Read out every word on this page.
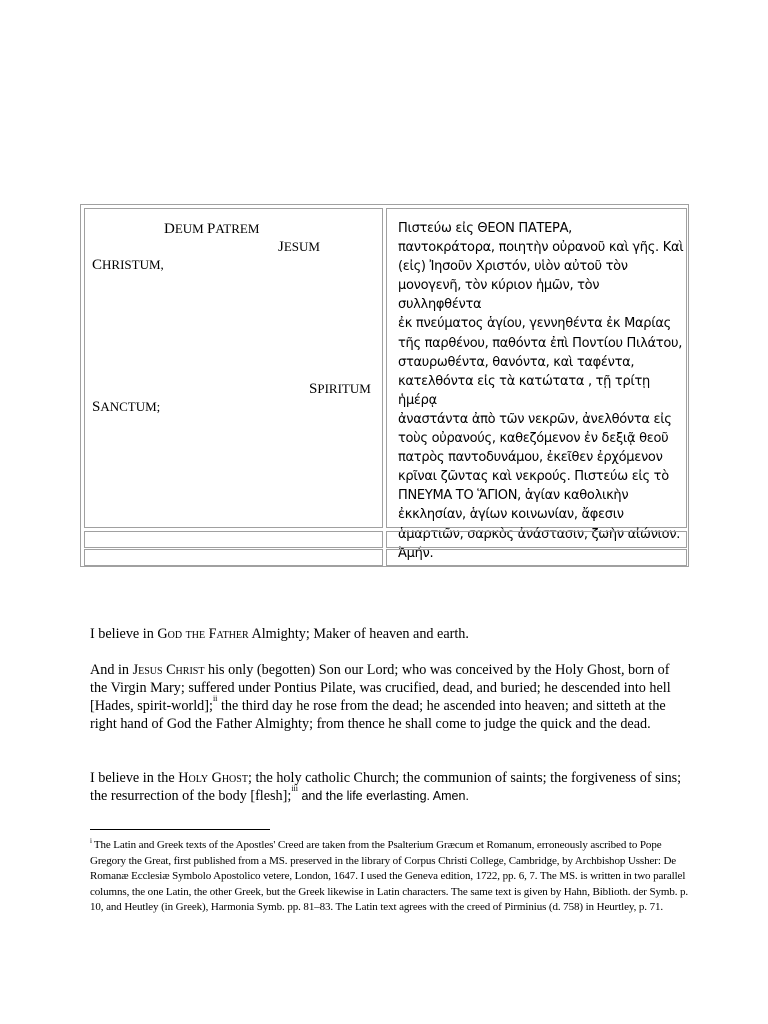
DEUM PATREM
JESUM
CHRISTUM,
SPIRITUM
SANCTUM;
Πιστεύω εἰς ΘΕΟΝ ΠΑΤΕΡΑ,
παντοκράτορα, ποιητὴν οὐρανοῦ καὶ γῆς. Καὶ
(εἰς) Ἰησοῦν Χριστόν, υἱὸν αὐτοῦ τὸν
μονογενῆ, τὸν κύριον ἡμῶν, τὸν συλληφθέντα
ἐκ πνεύματος ἁγίου, γεννηθέντα ἐκ Μαρίας
τῆς παρθένου, παθόντα ἐπὶ Ποντίου Πιλάτου,
σταυρωθέντα, θανόντα, καὶ ταφέντα,
κατελθόντα εἰς τὰ κατώτατα , τῇ τρίτῃ ἡμέρᾳ
ἀναστάντα ἀπὸ τῶν νεκρῶν, ἀνελθόντα εἰς
τοὺς οὐρανούς, καθεζόμενον ἐν δεξιᾷ θεοῦ
πατρὸς παντοδυνάμου, ἐκεῖθεν ἐρχόμενον
κρῖναι ζῶντας καὶ νεκρούς. Πιστεύω εἰς τὸ
ΠΝΕΥΜΑ ΤΟ ἍΓΙΟΝ, ἁγίαν καθολικὴν
ἐκκλησίαν, ἁγίων κοινωνίαν, ἄφεσιν
ἁμαρτιῶν, σαρκὸς ἀνάστασιν, ζωὴν αἰώνιον.
Ἀμήν.
I believe in God the Father Almighty; Maker of heaven and earth.
And in Jesus Christ his only (begotten) Son our Lord; who was conceived by the Holy Ghost, born of the Virgin Mary; suffered under Pontius Pilate, was crucified, dead, and buried; he descended into hell [Hades, spirit-world];$^{ii}$ the third day he rose from the dead; he ascended into heaven; and sitteth at the right hand of God the Father Almighty; from thence he shall come to judge the quick and the dead.
I believe in the Holy Ghost; the holy catholic Church; the communion of saints; the forgiveness of sins; the resurrection of the body [flesh];$^{iii}$ and the life everlasting. Amen.
$^i$ The Latin and Greek texts of the Apostles' Creed are taken from the Psalterium Græcum et Romanum, erroneously ascribed to Pope Gregory the Great, first published from a MS. preserved in the library of Corpus Christi College, Cambridge, by Archbishop Ussher: De Romanæ Ecclesiæ Symbolo Apostolico vetere, London, 1647. I used the Geneva edition, 1722, pp. 6, 7. The MS. is written in two parallel columns, the one Latin, the other Greek, but the Greek likewise in Latin characters. The same text is given by Hahn, Biblioth. der Symb. p. 10, and Heutley (in Greek), Harmonia Symb. pp. 81–83. The Latin text agrees with the creed of Pirminius (d. 758) in Heurtley, p. 71.
